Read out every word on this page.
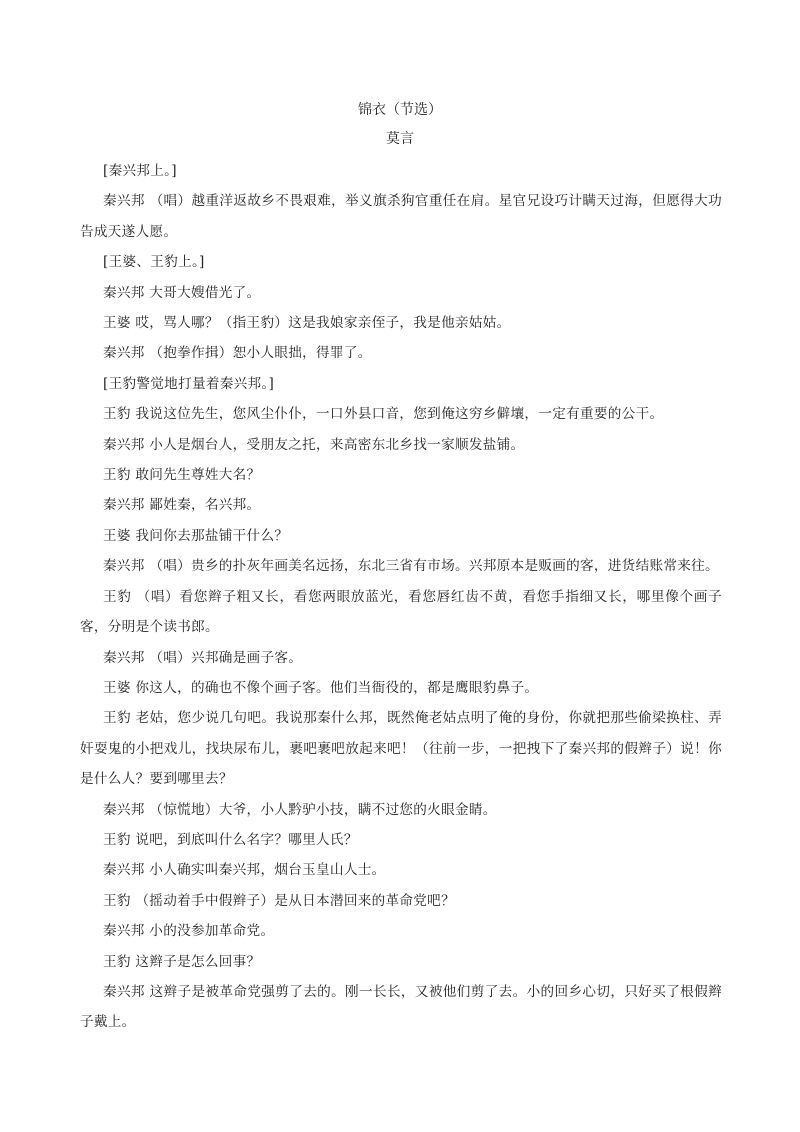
锦衣（节选）
莫言

[秦兴邦上。]

秦兴邦 （唱）越重洋返故乡不畏艰难，举义旗杀狗官重任在肩。星官兄设巧计瞒天过海，但愿得大功告成天遂人愿。

[王婆、王豹上。]

秦兴邦 大哥大嫂借光了。

王婆 哎，骂人哪？（指王豹）这是我娘家亲侄子，我是他亲姑姑。

秦兴邦 （抱拳作揖）恕小人眼拙，得罪了。

[王豹警觉地打量着秦兴邦。]

王豹 我说这位先生，您风尘仆仆，一口外县口音，您到俺这穷乡僻壤，一定有重要的公干。

秦兴邦 小人是烟台人，受朋友之托，来高密东北乡找一家顺发盐铺。

王豹 敢问先生尊姓大名？

秦兴邦 鄙姓秦，名兴邦。

王婆 我问你去那盐铺干什么？

秦兴邦 （唱）贵乡的扑灰年画美名远扬，东北三省有市场。兴邦原本是贩画的客，进货结账常来往。

王豹 （唱）看您辫子粗又长，看您两眼放蓝光，看您唇红齿不黄，看您手指细又长，哪里像个画子客，分明是个读书郎。

秦兴邦 （唱）兴邦确是画子客。

王婆 你这人，的确也不像个画子客。他们当衙役的，都是鹰眼豹鼻子。

王豹 老姑，您少说几句吧。我说那秦什么邦，既然俺老姑点明了俺的身份，你就把那些偷梁换柱、弄奸耍鬼的小把戏儿，找块尿布儿，裹吧裹吧放起来吧！（往前一步，一把拽下了秦兴邦的假辫子）说！你是什么人？要到哪里去？

秦兴邦 （惊慌地）大爷，小人黔驴小技，瞒不过您的火眼金睛。

王豹 说吧，到底叫什么名字？哪里人氏？

秦兴邦 小人确实叫秦兴邦，烟台玉皇山人士。

王豹 （摇动着手中假辫子）是从日本潜回来的革命党吧？

秦兴邦 小的没参加革命党。

王豹 这辫子是怎么回事？

秦兴邦 这辫子是被革命党强剪了去的。刚一长长，又被他们剪了去。小的回乡心切，只好买了根假辫子戴上。
